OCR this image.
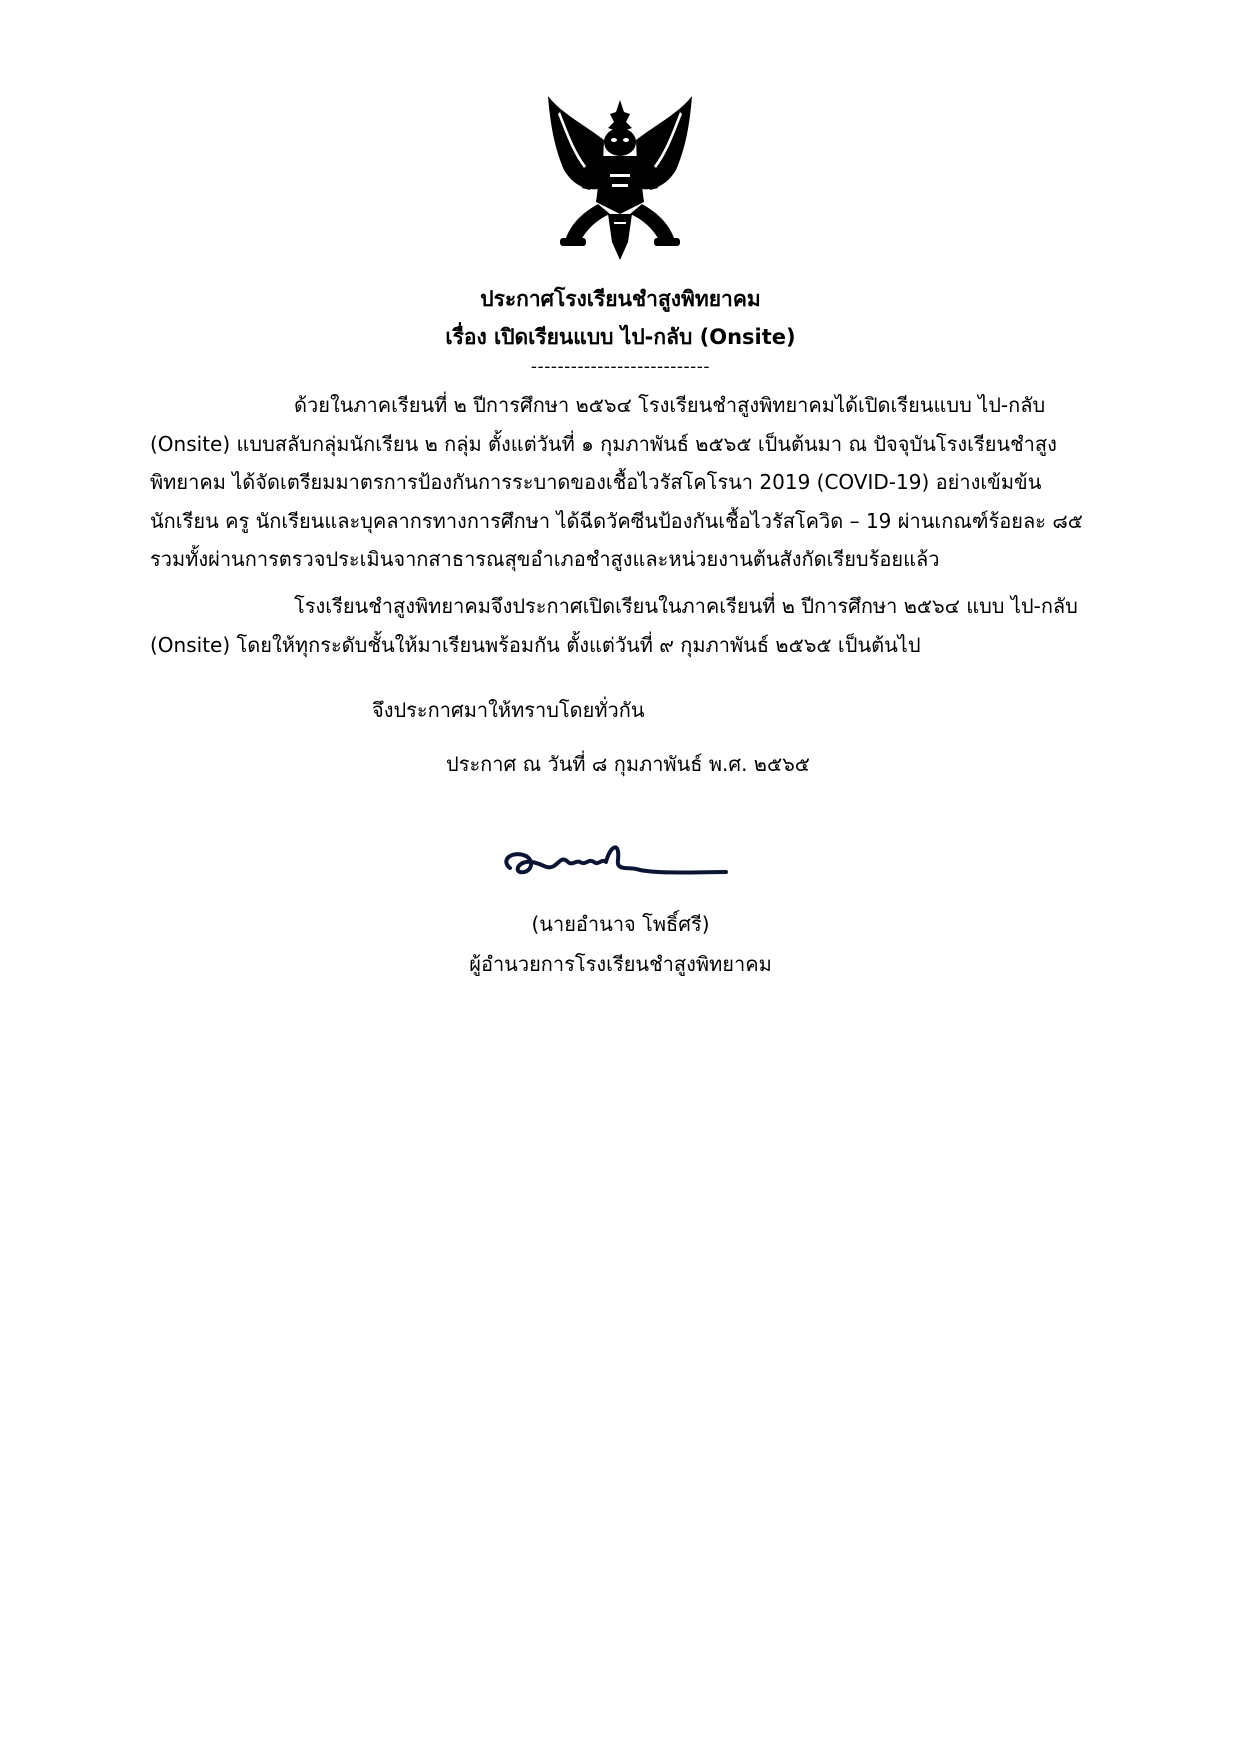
ประกาศโรงเรียนชำสูงพิทยาคม
เรื่อง เปิดเรียนแบบ ไป-กลับ (Onsite)
---------------------------

ด้วยในภาคเรียนที่ ๒ ปีการศึกษา ๒๕๖๔ โรงเรียนชำสูงพิทยาคมได้เปิดเรียนแบบ ไป-กลับ
(Onsite) แบบสลับกลุ่มนักเรียน ๒ กลุ่ม ตั้งแต่วันที่ ๑ กุมภาพันธ์ ๒๕๖๕ เป็นต้นมา ณ ปัจจุบันโรงเรียนชำสูง
พิทยาคม ได้จัดเตรียมมาตรการป้องกันการระบาดของเชื้อไวรัสโคโรนา 2019 (COVID-19) อย่างเข้มข้น
นักเรียน ครู นักเรียนและบุคลากรทางการศึกษา ได้ฉีดวัคซีนป้องกันเชื้อไวรัสโควิด – 19 ผ่านเกณฑ์ร้อยละ ๘๕
รวมทั้งผ่านการตรวจประเมินจากสาธารณสุขอำเภอชำสูงและหน่วยงานต้นสังกัดเรียบร้อยแล้ว

โรงเรียนชำสูงพิทยาคมจึงประกาศเปิดเรียนในภาคเรียนที่ ๒ ปีการศึกษา ๒๕๖๔ แบบ ไป-กลับ
(Onsite) โดยให้ทุกระดับชั้นให้มาเรียนพร้อมกัน ตั้งแต่วันที่ ๙ กุมภาพันธ์ ๒๕๖๕ เป็นต้นไป

จึงประกาศมาให้ทราบโดยทั่วกัน
ประกาศ ณ วันที่ ๘ กุมภาพันธ์ พ.ศ. ๒๕๖๕
(นายอำนาจ โพธิ์ศรี)
ผู้อำนวยการโรงเรียนชำสูงพิทยาคม
